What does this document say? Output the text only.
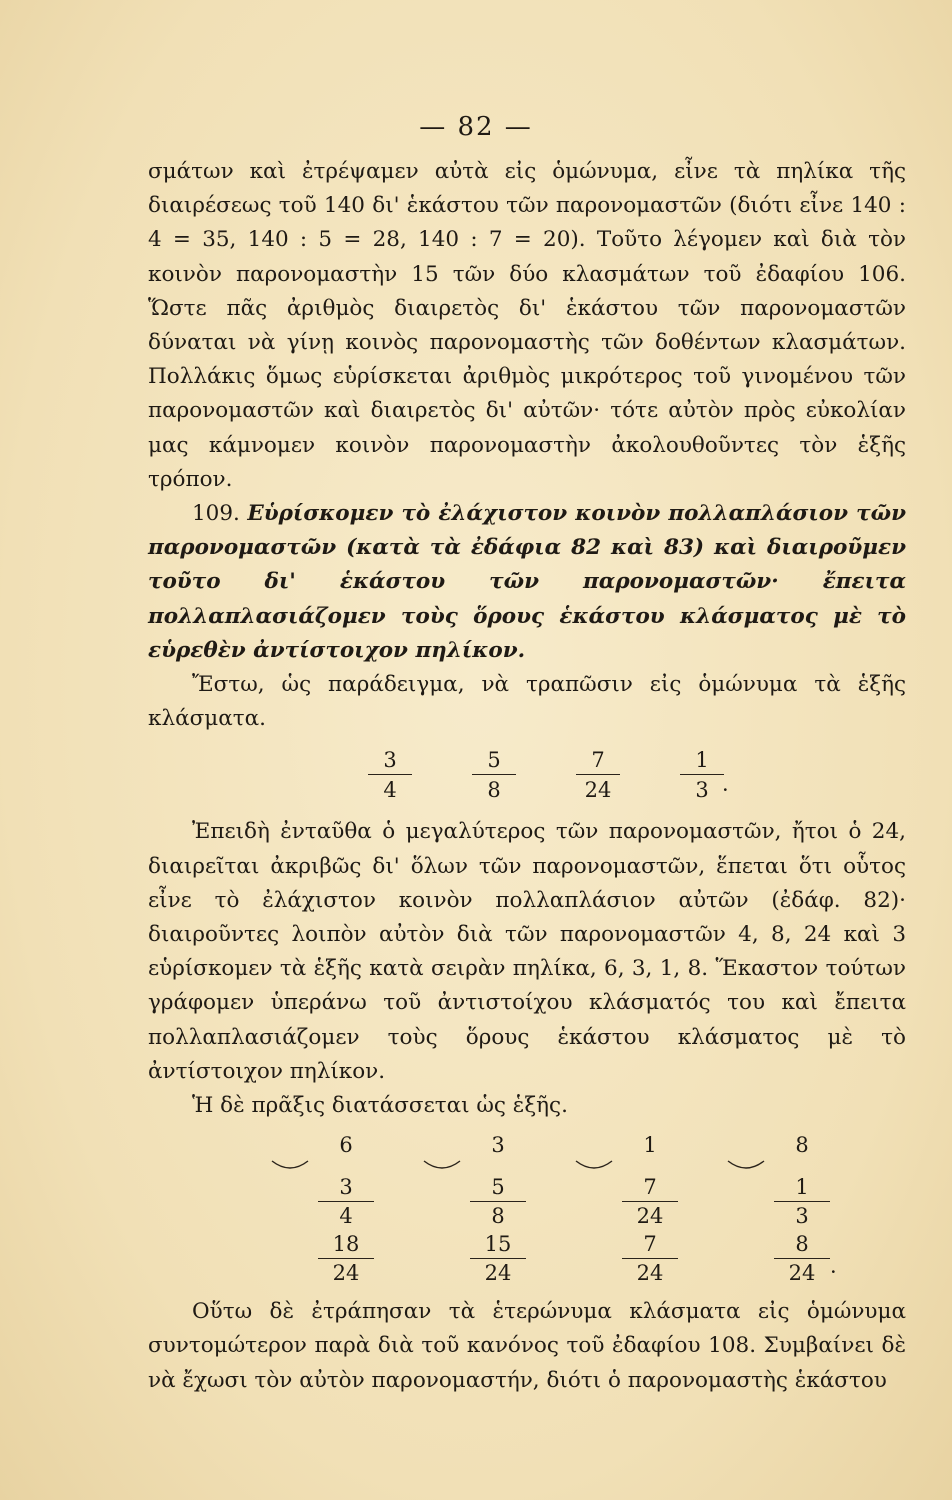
— 82 —

σμάτων καὶ ἐτρέψαμεν αὐτὰ εἰς ὁμώνυμα, εἶνε τὰ πηλίκα τῆς διαιρέσεως τοῦ 140 δι' ἑκάστου τῶν παρονομαστῶν (διότι εἶνε 140 : 4 = 35, 140 : 5 = 28, 140 : 7 = 20). Τοῦτο λέγομεν καὶ διὰ τὸν κοινὸν παρονομαστὴν 15 τῶν δύο κλασμάτων τοῦ ἐδαφίου 106. Ὥστε πᾶς ἀριθμὸς διαιρετὸς δι' ἑκάστου τῶν παρονομαστῶν δύναται νὰ γίνῃ κοινὸς παρονομαστὴς τῶν δοθέντων κλασμάτων. Πολλάκις ὅμως εὑρίσκεται ἀριθμὸς μικρότερος τοῦ γινομένου τῶν παρονομαστῶν καὶ διαιρετὸς δι' αὐτῶν· τότε αὐτὸν πρὸς εὐκολίαν μας κάμνομεν κοινὸν παρονομαστὴν ἀκολουθοῦντες τὸν ἑξῆς τρόπον.

109. Εὑρίσκομεν τὸ ἐλάχιστον κοινὸν πολλαπλάσιον τῶν παρονομαστῶν (κατὰ τὰ ἐδάφια 82 καὶ 83) καὶ διαιροῦμεν τοῦτο δι' ἑκάστου τῶν παρονομαστῶν· ἔπειτα πολλαπλασιάζομεν τοὺς ὅρους ἑκάστου κλάσματος μὲ τὸ εὑρεθὲν ἀντίστοιχον πηλίκον.

Ἔστω, ὡς παράδειγμα, νὰ τραπῶσιν εἰς ὁμώνυμα τὰ ἑξῆς κλάσματα.

$\frac{3}{4} \frac{5}{8} \frac{7}{24} \frac{1}{3}$
·

Ἐπειδὴ ἐνταῦθα ὁ μεγαλύτερος τῶν παρονομαστῶν, ἤτοι ὁ 24, διαιρεῖται ἀκριβῶς δι' ὅλων τῶν παρονομαστῶν, ἕπεται ὅτι οὗτος εἶνε τὸ ἐλάχιστον κοινὸν πολλαπλάσιον αὐτῶν (ἐδάφ. 82)· διαιροῦντες λοιπὸν αὐτὸν διὰ τῶν παρονομαστῶν 4, 8, 24 καὶ 3 εὑρίσκομεν τὰ ἑξῆς κατὰ σειρὰν πηλίκα, 6, 3, 1, 8. Ἕκαστον τούτων γράφομεν ὑπεράνω τοῦ ἀντιστοίχου κλάσματός του καὶ ἔπειτα πολλαπλασιάζομεν τοὺς ὅρους ἑκάστου κλάσματος μὲ τὸ ἀντίστοιχον πηλίκον.

Ἡ δὲ πρᾶξις διατάσσεται ὡς ἑξῆς.

6
3
4
18
24
3
5
8
15
24
1
7
24
7
24
8
1
3
8
24 ·

Οὕτω δὲ ἐτράπησαν τὰ ἑτερώνυμα κλάσματα εἰς ὁμώνυμα συντομώτερον παρὰ διὰ τοῦ κανόνος τοῦ ἐδαφίου 108. Συμβαίνει δὲ νὰ ἔχωσι τὸν αὐτὸν παρονομαστήν, διότι ὁ παρονομαστὴς ἑκάστου
